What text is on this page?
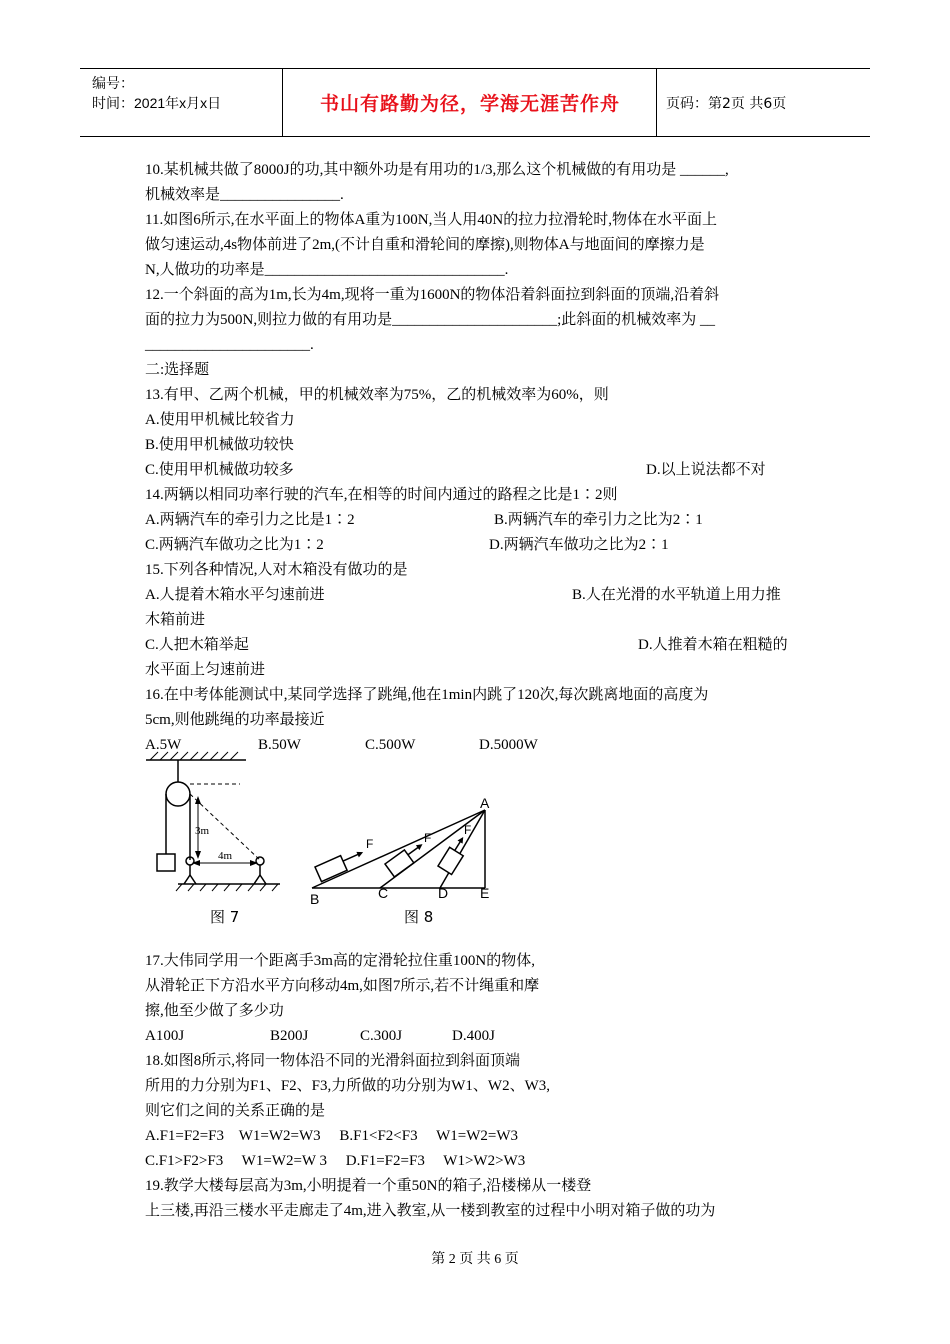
编号：
时间：2021年x月x日	书山有路勤为径，学海无涯苦作舟	页码：第2页 共6页
10.某机械共做了8000J的功,其中额外功是有用功的1/3,那么这个机械做的有用功是 ______,
机械效率是________________.
11.如图6所示,在水平面上的物体A重为100N,当人用40N的拉力拉滑轮时,物体在水平面上
做匀速运动,4s物体前进了2m,(不计自重和滑轮间的摩擦),则物体A与地面间的摩擦力是
N,人做功的功率是________________________________.
12.一个斜面的高为1m,长为4m,现将一重为1600N的物体沿着斜面拉到斜面的顶端,沿着斜
面的拉力为500N,则拉力做的有用功是______________________;此斜面的机械效率为 __
______________________.
二:选择题
13.有甲、乙两个机械，甲的机械效率为75%，乙的机械效率为60%，则
A.使用甲机械比较省力
B.使用甲机械做功较快
C.使用甲机械做功较多	D.以上说法都不对
14.两辆以相同功率行驶的汽车,在相等的时间内通过的路程之比是1∶2则
A.两辆汽车的牵引力之比是1∶2	B.两辆汽车的牵引力之比为2∶1
C.两辆汽车做功之比为1∶2	D.两辆汽车做功之比为2∶1
15.下列各种情况,人对木箱没有做功的是
A.人提着木箱水平匀速前进	B.人在光滑的水平轨道上用力推
木箱前进
C.人把木箱举起	D.人推着木箱在粗糙的
水平面上匀速前进
16.在中考体能测试中,某同学选择了跳绳,他在1min内跳了120次,每次跳离地面的高度为
5cm,则他跳绳的功率最接近
A.5W	B.50W	C.500W	D.5000W
17.大伟同学用一个距离手3m高的定滑轮拉住重100N的物体,
从滑轮正下方沿水平方向移动4m,如图7所示,若不计绳重和摩
擦,他至少做了多少功
A100J	B200J	C.300J	D.400J
18.如图8所示,将同一物体沿不同的光滑斜面拉到斜面顶端
所用的力分别为F1、F2、F3,力所做的功分别为W1、W2、W3,
则它们之间的关系正确的是
A.F1=F2=F3    W1=W2=W3     B.F1<F2<F3     W1=W2=W3
C.F1>F2>F3     W1=W2=W 3     D.F1=F2=F3     W1>W2>W3
19.教学大楼每层高为3m,小明提着一个重50N的箱子,沿楼梯从一楼登
上三楼,再沿三楼水平走廊走了4m,进入教室,从一楼到教室的过程中小明对箱子做的功为
3m
4m
图 7
A
B	C	D E
F	F
F
图 8
第 2 页 共 6 页
